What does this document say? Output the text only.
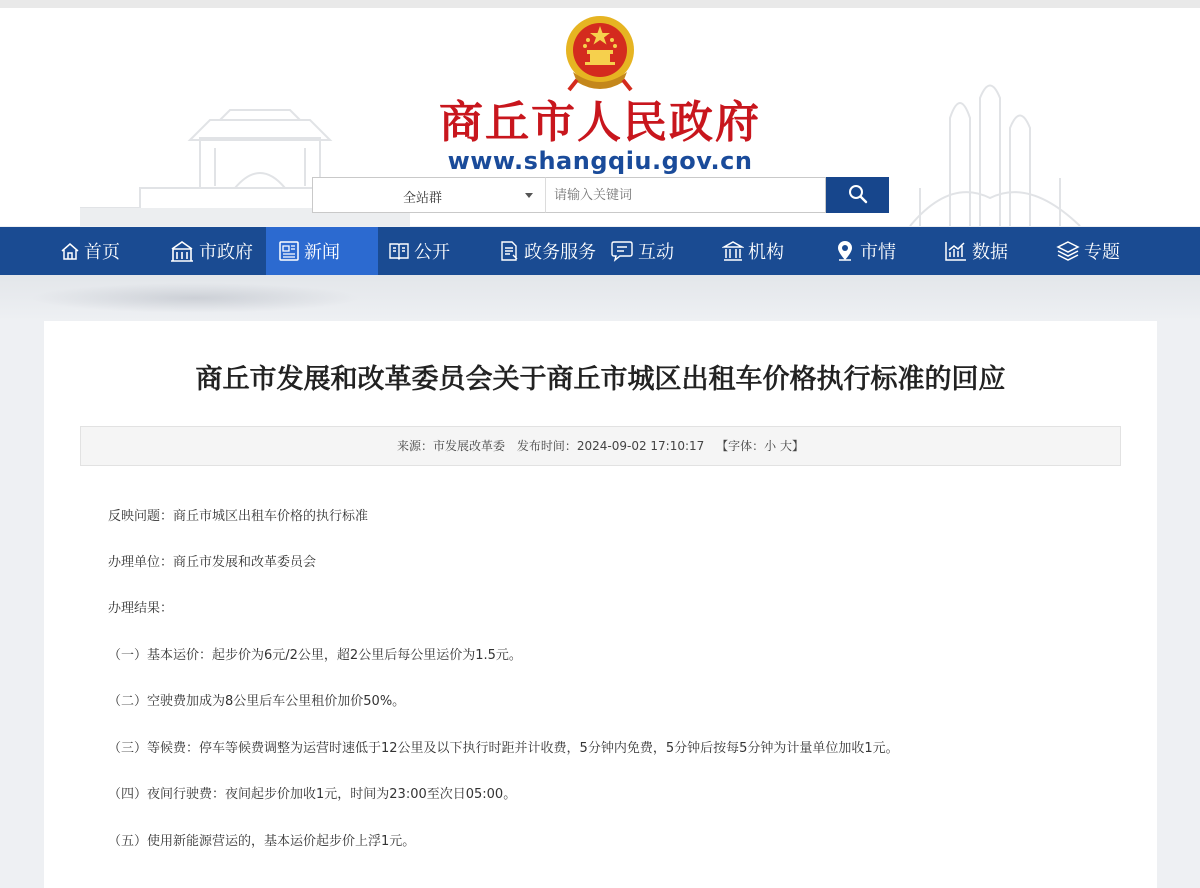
商丘市人民政府
www.shangqiu.gov.cn
全站群
请输入关键词
首页	市政府	新闻	公开	政务服务 互动	机构	市情	数据	专题
商丘市发展和改革委员会关于商丘市城区出租车价格执行标准的回应
来源：市发展改革委 发布时间：2024-09-02 17:10:17 【字体：小 大】

反映问题：商丘市城区出租车价格的执行标准

办理单位：商丘市发展和改革委员会

办理结果：

（一）基本运价：起步价为6元/2公里，超2公里后每公里运价为1.5元。

（二）空驶费加成为8公里后车公里租价加价50%。

（三）等候费：停车等候费调整为运营时速低于12公里及以下执行时距并计收费，5分钟内免费，5分钟后按每5分钟为计量单位加收1元。

（四）夜间行驶费：夜间起步价加收1元，时间为23:00至次日05:00。

（五）使用新能源营运的，基本运价起步价上浮1元。
